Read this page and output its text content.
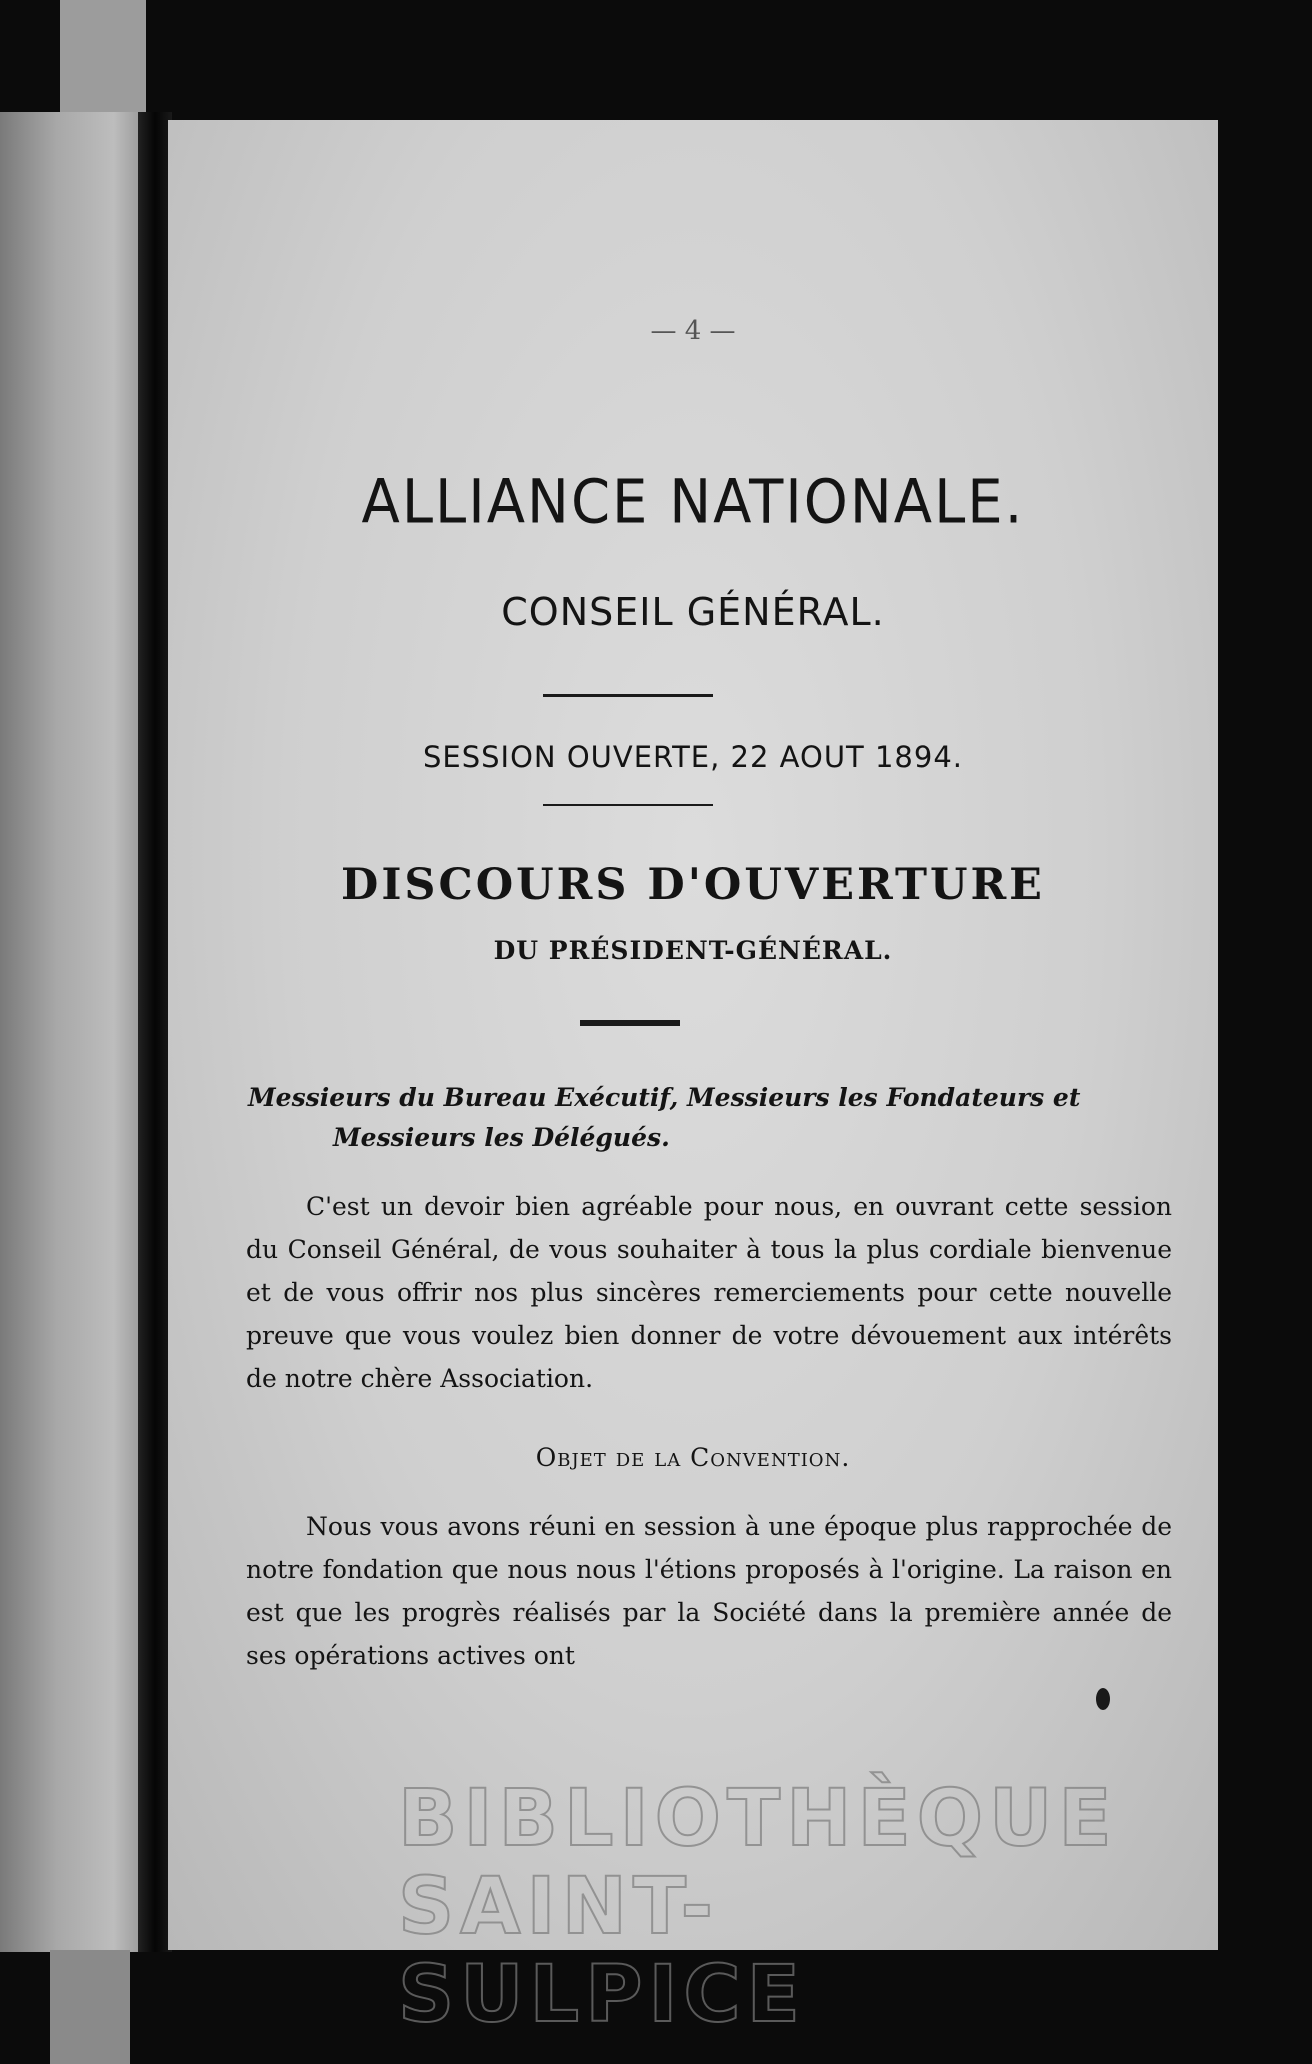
— 4 —
ALLIANCE NATIONALE.
CONSEIL GÉNÉRAL.
SESSION OUVERTE, 22 AOUT 1894.
DISCOURS D'OUVERTURE
DU PRÉSIDENT-GÉNÉRAL.
Messieurs du Bureau Exécutif, Messieurs les Fondateurs et
Messieurs les Délégués.
C'est un devoir bien agréable pour nous, en ouvrant cette session du Conseil Général, de vous souhaiter à tous la plus cordiale bienvenue et de vous offrir nos plus sincères remerciements pour cette nouvelle preuve que vous voulez bien donner de votre dévouement aux intérêts de notre chère Association.
Objet de la Convention.
Nous vous avons réuni en session à une époque plus rapprochée de notre fondation que nous nous l'étions proposés à l'origine. La raison en est que les progrès réalisés par la Société dans la première année de ses opérations actives ont
BIBLIOTHÈQUE
SAINT-SULPICE
